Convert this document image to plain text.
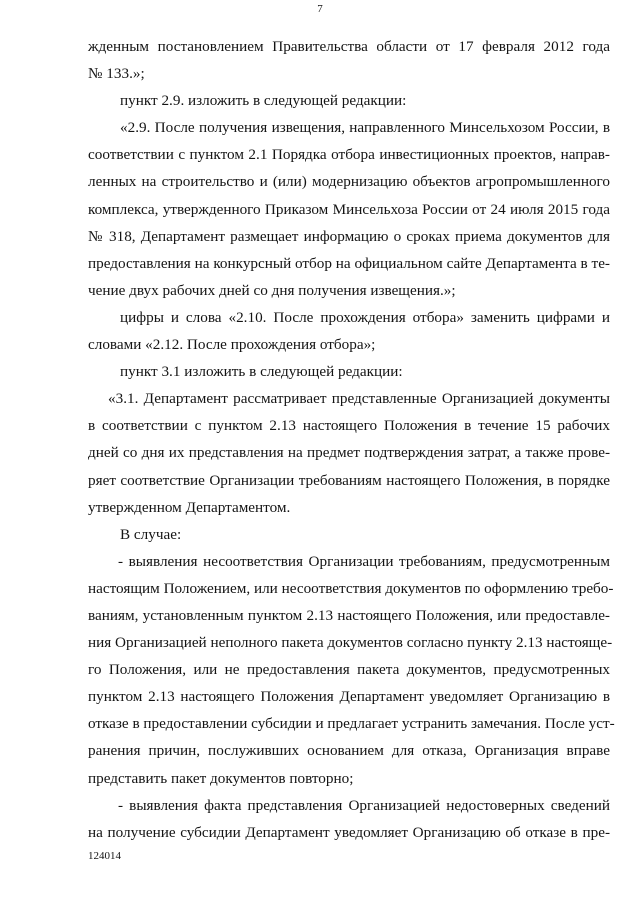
7
жденным постановлением Правительства области от 17 февраля 2012 года
№ 133.»;
пункт 2.9. изложить в следующей редакции:
«2.9. После получения извещения, направленного Минсельхозом России, в
соответствии с пунктом 2.1 Порядка отбора инвестиционных проектов, направ-
ленных на строительство и (или) модернизацию объектов агропромышленного
комплекса, утвержденного Приказом Минсельхоза России от 24 июля 2015 года
№ 318, Департамент размещает информацию о сроках приема документов для
предоставления на конкурсный отбор на официальном сайте Департамента в те-
чение двух рабочих дней со дня получения извещения.»;
цифры и слова «2.10. После прохождения отбора» заменить цифрами и
словами «2.12. После прохождения отбора»;
пункт 3.1 изложить в следующей редакции:
«3.1. Департамент рассматривает представленные Организацией документы
в соответствии с пунктом 2.13 настоящего Положения в течение 15 рабочих
дней со дня их представления на предмет подтверждения затрат, а также прове-
ряет соответствие Организации требованиям настоящего Положения, в порядке
утвержденном Департаментом.
В случае:
- выявления несоответствия Организации требованиям, предусмотренным
настоящим Положением, или несоответствия документов по оформлению требо-
ваниям, установленным пунктом 2.13 настоящего Положения, или предоставле-
ния Организацией неполного пакета документов согласно пункту 2.13 настояще-
го Положения, или не предоставления пакета документов, предусмотренных
пунктом 2.13 настоящего Положения Департамент уведомляет Организацию в
отказе в предоставлении субсидии и предлагает устранить замечания. После уст-
ранения причин, послуживших основанием для отказа, Организация вправе
представить пакет документов повторно;
- выявления факта представления Организацией недостоверных сведений
на получение субсидии Департамент уведомляет Организацию об отказе в пре-
124014
